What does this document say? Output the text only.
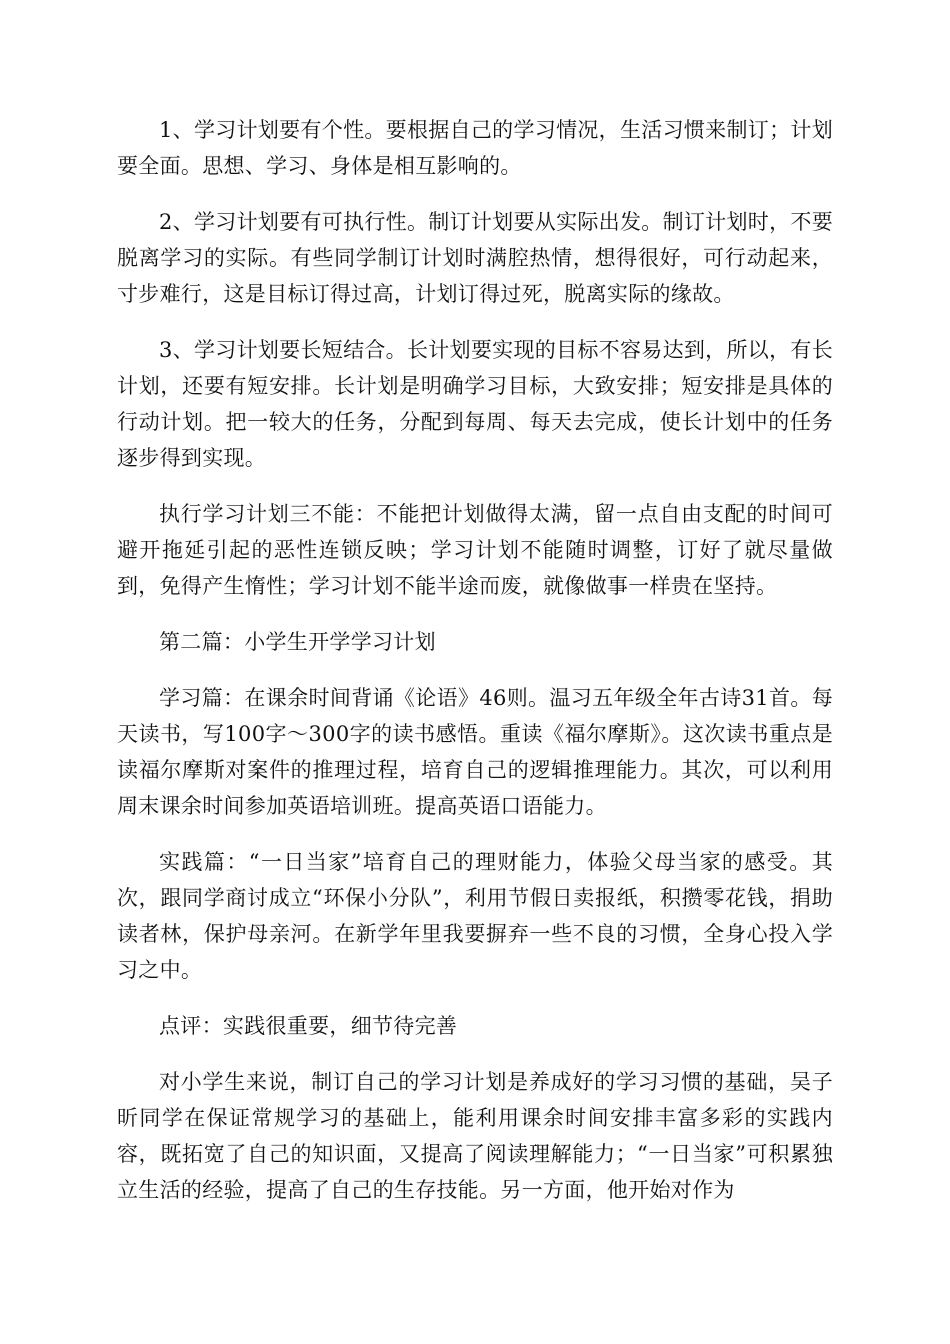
1、学习计划要有个性。要根据自己的学习情况，生活习惯来制订；计划要全面。思想、学习、身体是相互影响的。

2、学习计划要有可执行性。制订计划要从实际出发。制订计划时，不要脱离学习的实际。有些同学制订计划时满腔热情，想得很好，可行动起来，寸步难行，这是目标订得过高，计划订得过死，脱离实际的缘故。

3、学习计划要长短结合。长计划要实现的目标不容易达到，所以，有长计划，还要有短安排。长计划是明确学习目标，大致安排；短安排是具体的行动计划。把一较大的任务，分配到每周、每天去完成，使长计划中的任务逐步得到实现。

执行学习计划三不能：不能把计划做得太满，留一点自由支配的时间可避开拖延引起的恶性连锁反映；学习计划不能随时调整，订好了就尽量做到，免得产生惰性；学习计划不能半途而废，就像做事一样贵在坚持。

第二篇：小学生开学学习计划

学习篇：在课余时间背诵《论语》46则。温习五年级全年古诗31首。每天读书，写100字～300字的读书感悟。重读《福尔摩斯》。这次读书重点是读福尔摩斯对案件的推理过程，培育自己的逻辑推理能力。其次，可以利用周末课余时间参加英语培训班。提高英语口语能力。

实践篇：“一日当家”培育自己的理财能力，体验父母当家的感受。其次，跟同学商讨成立“环保小分队”，利用节假日卖报纸，积攒零花钱，捐助读者林，保护母亲河。在新学年里我要摒弃一些不良的习惯，全身心投入学习之中。

点评：实践很重要，细节待完善

对小学生来说，制订自己的学习计划是养成好的学习习惯的基础，吴子昕同学在保证常规学习的基础上，能利用课余时间安排丰富多彩的实践内容，既拓宽了自己的知识面，又提高了阅读理解能力；“一日当家”可积累独立生活的经验，提高了自己的生存技能。另一方面，他开始对作为
